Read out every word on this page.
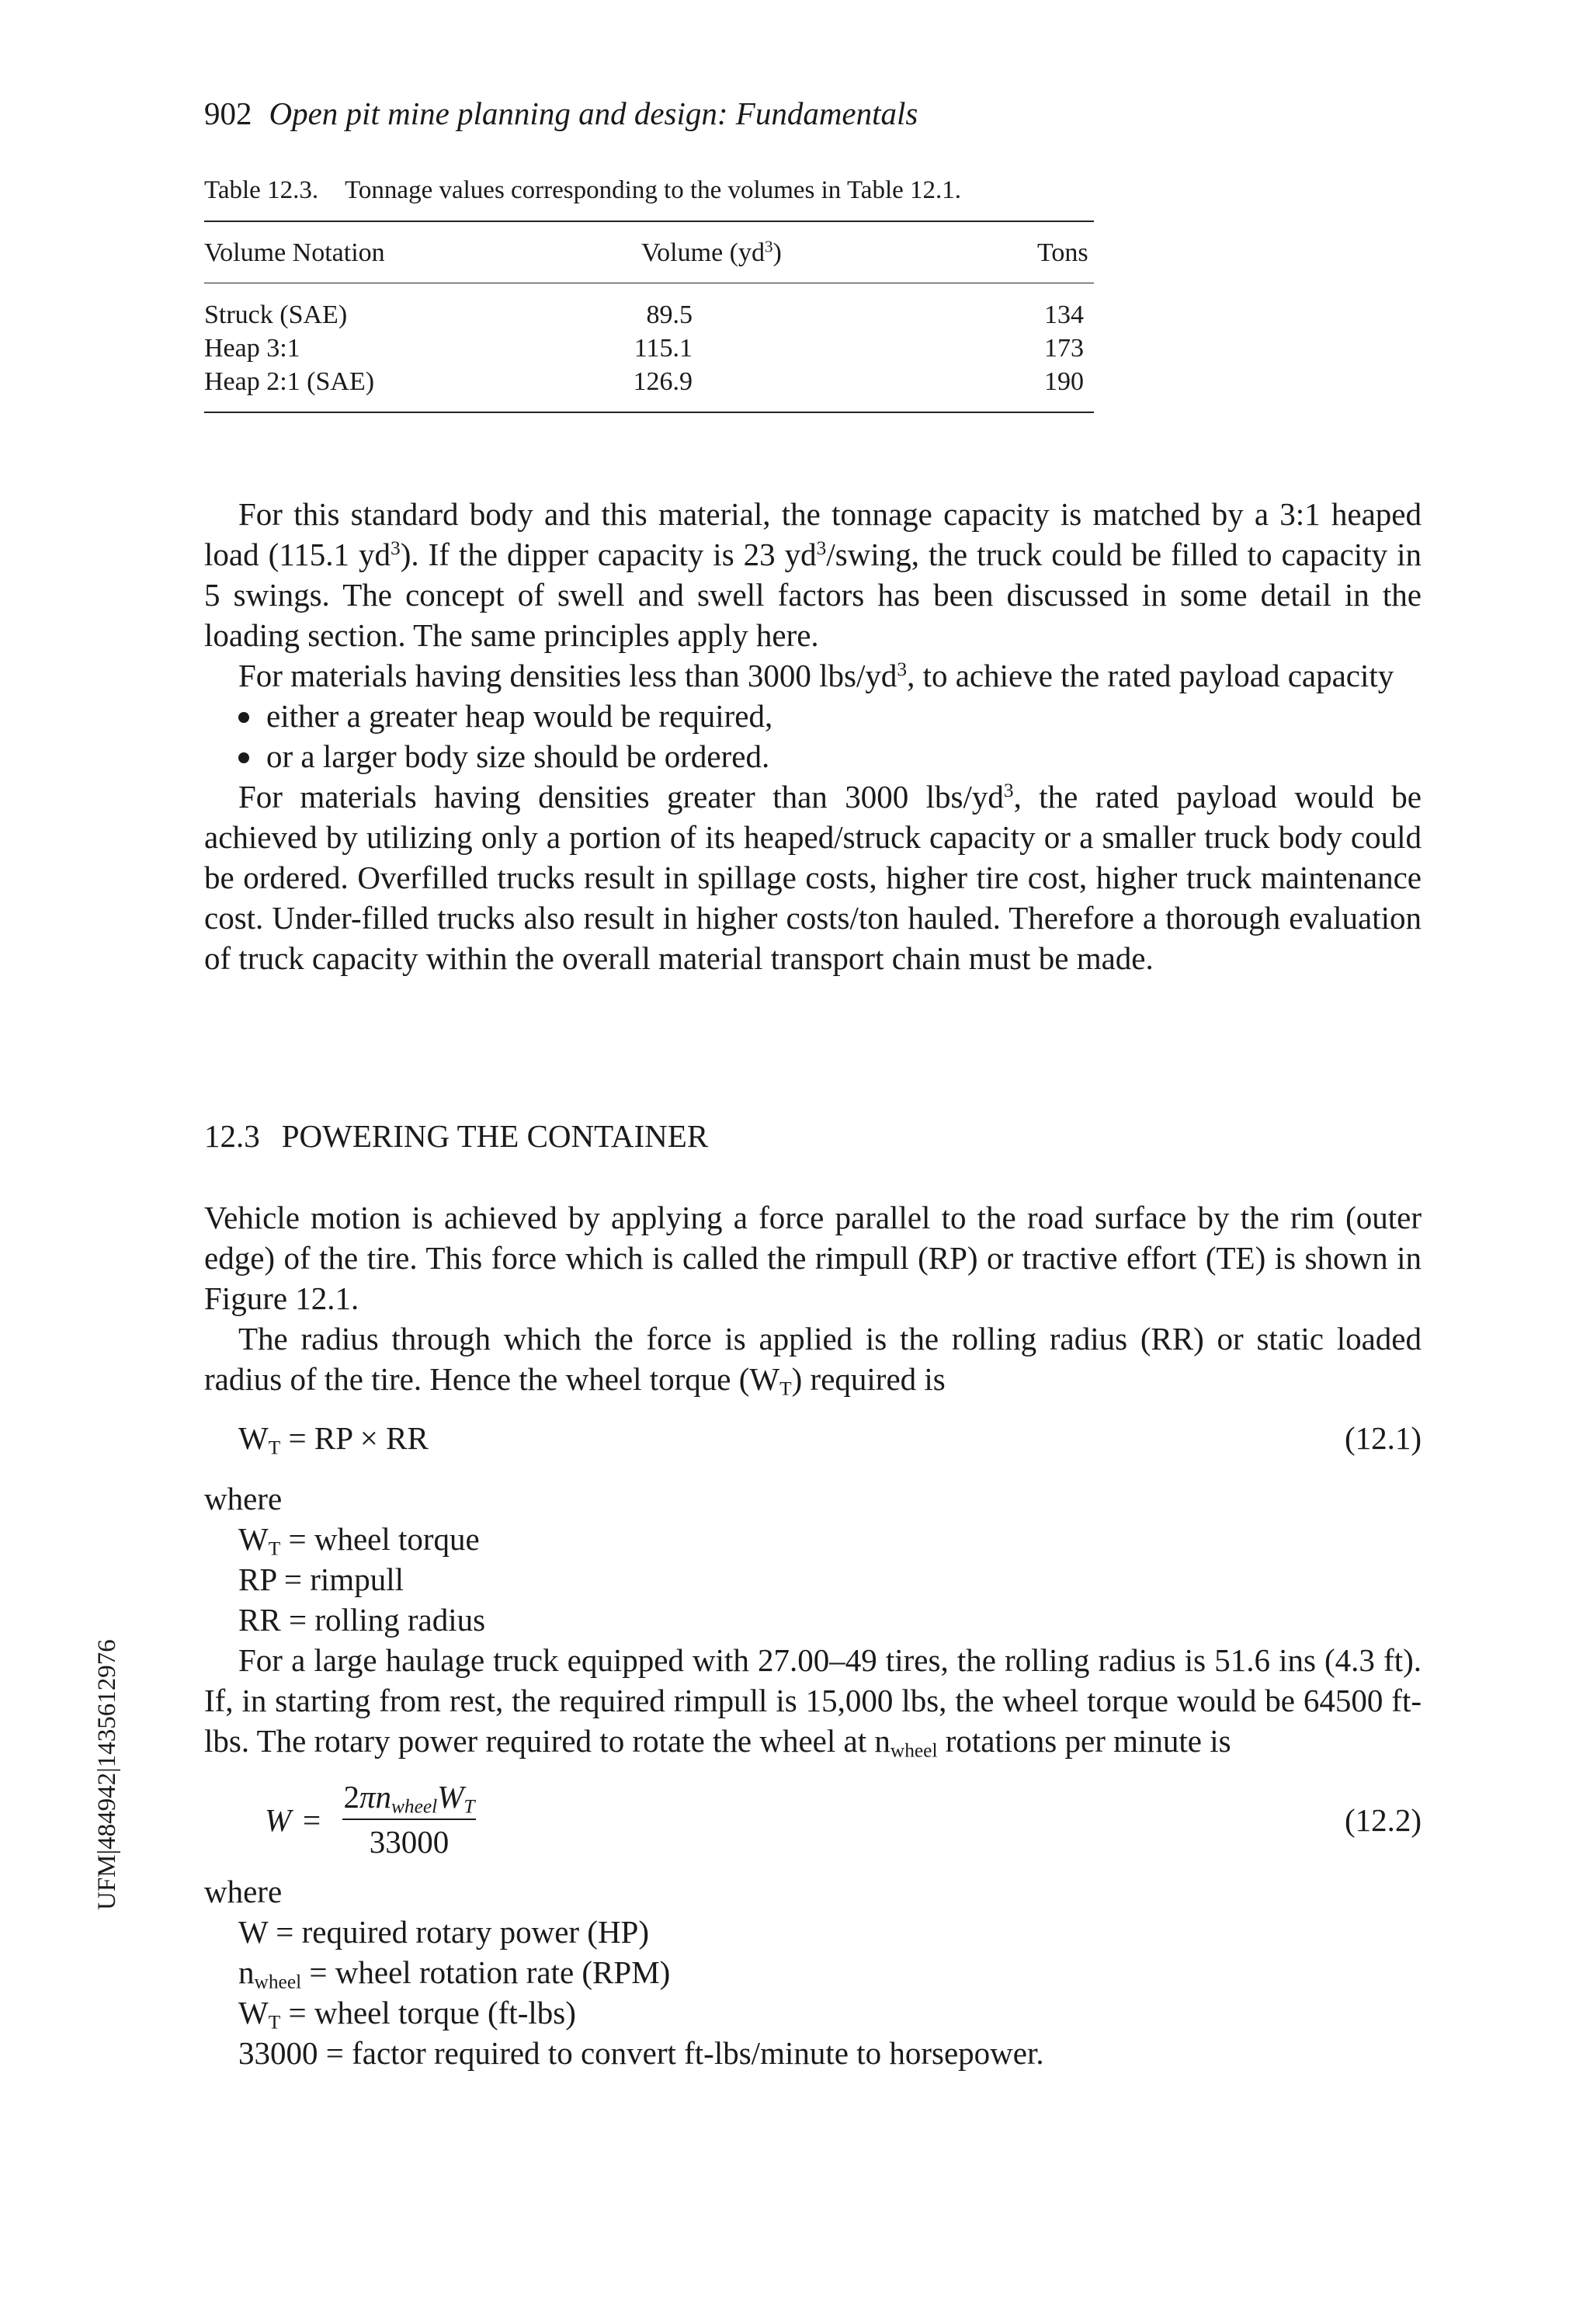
902 Open pit mine planning and design: Fundamentals
Table 12.3. Tonnage values corresponding to the volumes in Table 12.1.
Volume Notation	Volume $(yd^3)$	Tons
Struck (SAE)	89.5	134
Heap 3:1	115.1	173
Heap 2:1 (SAE)	126.9	190

For this standard body and this material, the tonnage capacity is matched by a 3:1 heaped load (115.1 $yd^3$). If the dipper capacity is 23 $yd^3$/swing, the truck could be filled to capacity in 5 swings. The concept of swell and swell factors has been discussed in some detail in the loading section. The same principles apply here.

For materials having densities less than 3000 lbs/$yd^3$, to achieve the rated payload capacity

either a greater heap would be required,

or a larger body size should be ordered.

For materials having densities greater than 3000 lbs/$yd^3$, the rated payload would be achieved by utilizing only a portion of its heaped/struck capacity or a smaller truck body could be ordered. Overfilled trucks result in spillage costs, higher tire cost, higher truck maintenance cost. Under-filled trucks also result in higher costs/ton hauled. Therefore a thorough evaluation of truck capacity within the overall material transport chain must be made.

12.3 POWERING THE CONTAINER

Vehicle motion is achieved by applying a force parallel to the road surface by the rim (outer edge) of the tire. This force which is called the rimpull (RP) or tractive effort (TE) is shown in Figure 12.1.

The radius through which the force is applied is the rolling radius (RR) or static loaded radius of the tire. Hence the wheel torque $(W_T)$ required is

$W_T$ = RP × RR	(12.1)

where

$W_T$ = wheel torque

RP = rimpull

RR = rolling radius

For a large haulage truck equipped with 27.00–49 tires, the rolling radius is 51.6 ins (4.3 ft). If, in starting from rest, the required rimpull is 15,000 lbs, the wheel torque would be 64500 ft-lbs. The rotary power required to rotate the wheel at $n_{wheel}$ rotations per minute is

W =
$2\pi n_{wheel}W_T$
33000
(12.2)

where

W = required rotary power (HP)

$n_{wheel}$ = wheel rotation rate (RPM)

$W_T$ = wheel torque (ft-lbs)

33000 = factor required to convert ft-lbs/minute to horsepower.

UFM|484942|1435612976
